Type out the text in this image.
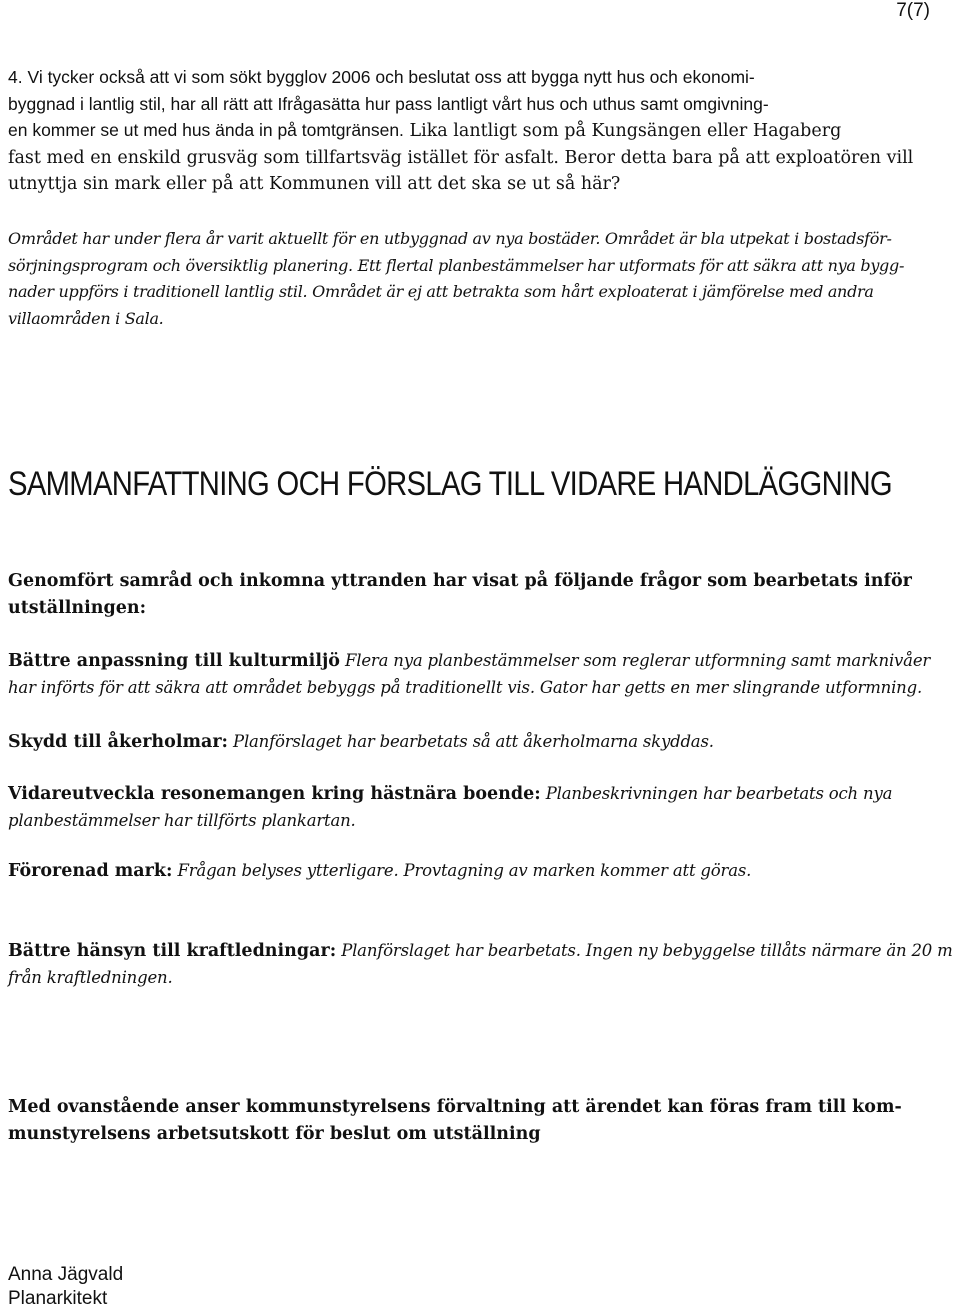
7(7)
4. Vi tycker också att vi som sökt bygglov 2006 och beslutat oss att bygga nytt hus och ekonomi-
byggnad i lantlig stil, har all rätt att Ifrågasätta hur pass lantligt vårt hus och uthus samt omgivning-
en kommer se ut med hus ända in på tomtgränsen. Lika lantligt som på Kungsängen eller Hagaberg
fast med en enskild grusväg som tillfartsväg istället för asfalt. Beror detta bara på att exploatören vill
utnyttja sin mark eller på att Kommunen vill att det ska se ut så här?
Området har under flera år varit aktuellt för en utbyggnad av nya bostäder. Området är bla utpekat i bostadsför-
sörjningsprogram och översiktlig planering. Ett flertal planbestämmelser har utformats för att säkra att nya bygg-
nader uppförs i traditionell lantlig stil. Området är ej att betrakta som hårt exploaterat i jämförelse med andra
villaområden i Sala.
SAMMANFATTNING OCH FÖRSLAG TILL VIDARE HANDLÄGGNING
Genomfört samråd och inkomna yttranden har visat på följande frågor som bearbetats inför
utställningen:
Bättre anpassning till kulturmiljö Flera nya planbestämmelser som reglerar utformning samt marknivåer
har införts för att säkra att området bebyggs på traditionellt vis. Gator har getts en mer slingrande utformning.
Skydd till åkerholmar: Planförslaget har bearbetats så att åkerholmarna skyddas.
Vidareutveckla resonemangen kring hästnära boende: Planbeskrivningen har bearbetats och nya
planbestämmelser har tillförts plankartan.
Förorenad mark: Frågan belyses ytterligare. Provtagning av marken kommer att göras.
Bättre hänsyn till kraftledningar: Planförslaget har bearbetats. Ingen ny bebyggelse tillåts närmare än 20 m
från kraftledningen.
Med ovanstående anser kommunstyrelsens förvaltning att ärendet kan föras fram till kom-
munstyrelsens arbetsutskott för beslut om utställning
Anna Jägvald
Planarkitekt
